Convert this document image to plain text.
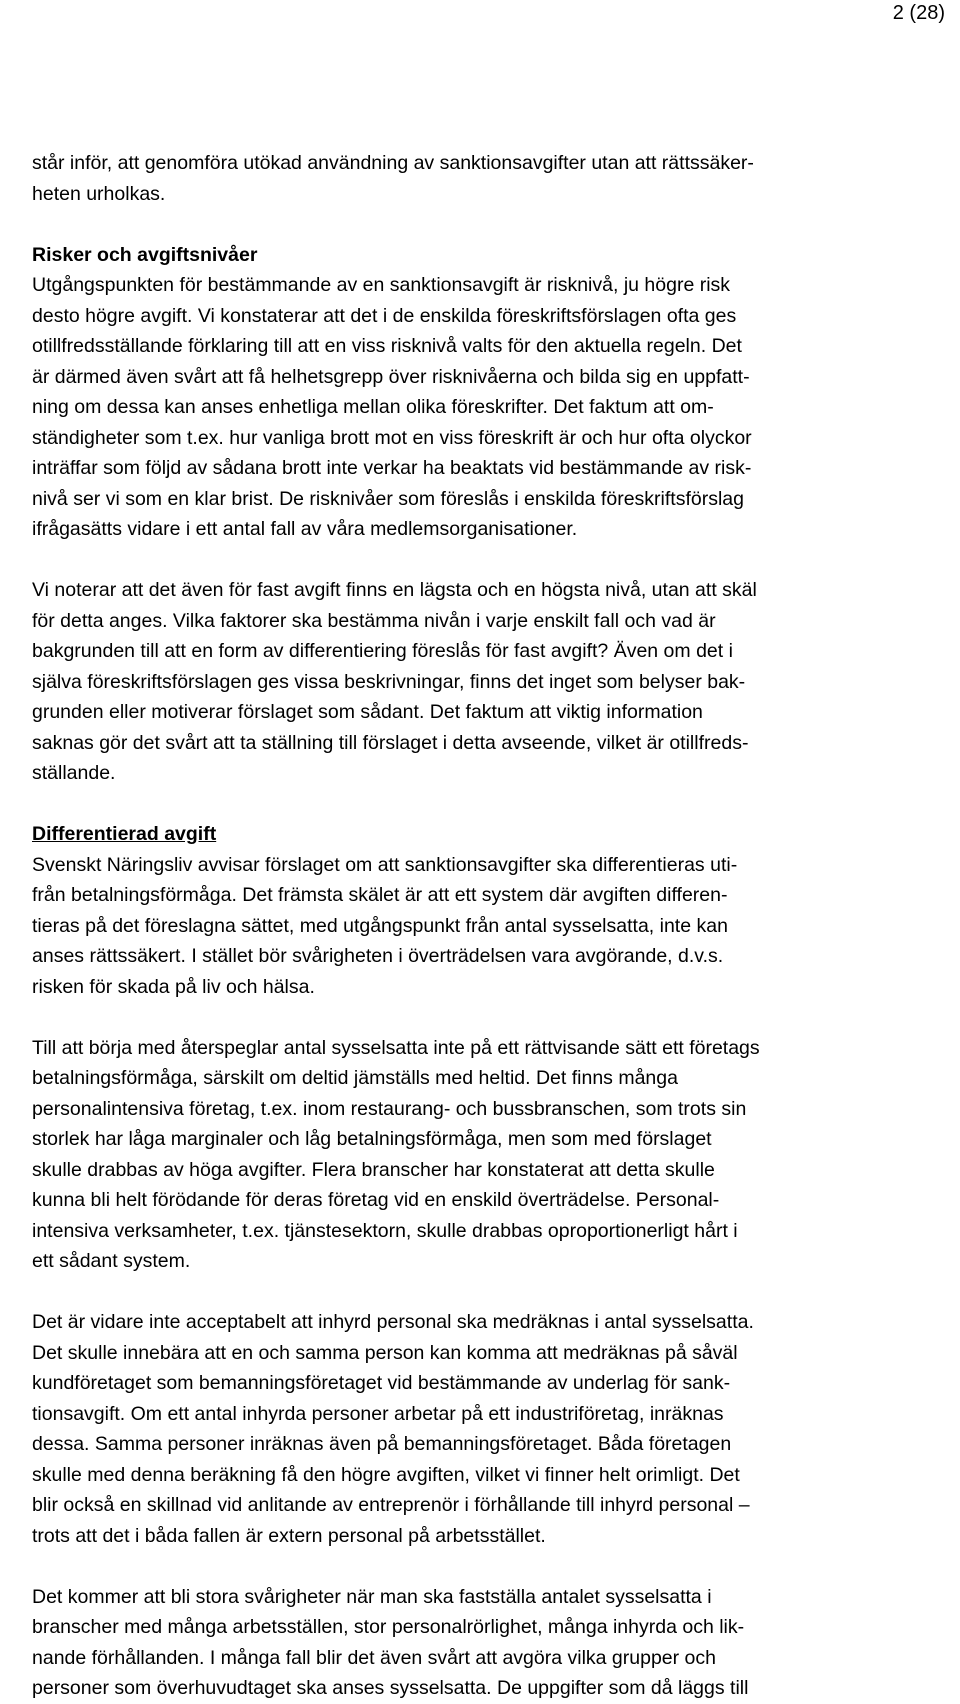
2 (28)
står inför, att genomföra utökad användning av sanktionsavgifter utan att rättssäker-
heten urholkas.
Risker och avgiftsnivåer
Utgångspunkten för bestämmande av en sanktionsavgift är risknivå, ju högre risk
desto högre avgift. Vi konstaterar att det i de enskilda föreskriftsförslagen ofta ges
otillfredsställande förklaring till att en viss risknivå valts för den aktuella regeln. Det
är därmed även svårt att få helhetsgrepp över risknivåerna och bilda sig en uppfatt-
ning om dessa kan anses enhetliga mellan olika föreskrifter. Det faktum att om-
ständigheter som t.ex. hur vanliga brott mot en viss föreskrift är och hur ofta olyckor
inträffar som följd av sådana brott inte verkar ha beaktats vid bestämmande av risk-
nivå ser vi som en klar brist. De risknivåer som föreslås i enskilda föreskriftsförslag
ifrågasätts vidare i ett antal fall av våra medlemsorganisationer.
Vi noterar att det även för fast avgift finns en lägsta och en högsta nivå, utan att skäl
för detta anges. Vilka faktorer ska bestämma nivån i varje enskilt fall och vad är
bakgrunden till att en form av differentiering föreslås för fast avgift? Även om det i
själva föreskriftsförslagen ges vissa beskrivningar, finns det inget som belyser bak-
grunden eller motiverar förslaget som sådant. Det faktum att viktig information
saknas gör det svårt att ta ställning till förslaget i detta avseende, vilket är otillfreds-
ställande.
Differentierad avgift
Svenskt Näringsliv avvisar förslaget om att sanktionsavgifter ska differentieras uti-
från betalningsförmåga. Det främsta skälet är att ett system där avgiften differen-
tieras på det föreslagna sättet, med utgångspunkt från antal sysselsatta, inte kan
anses rättssäkert. I stället bör svårigheten i överträdelsen vara avgörande, d.v.s.
risken för skada på liv och hälsa.
Till att börja med återspeglar antal sysselsatta inte på ett rättvisande sätt ett företags
betalningsförmåga, särskilt om deltid jämställs med heltid. Det finns många
personalintensiva företag, t.ex. inom restaurang- och bussbranschen, som trots sin
storlek har låga marginaler och låg betalningsförmåga, men som med förslaget
skulle drabbas av höga avgifter. Flera branscher har konstaterat att detta skulle
kunna bli helt förödande för deras företag vid en enskild överträdelse. Personal-
intensiva verksamheter, t.ex. tjänstesektorn, skulle drabbas oproportionerligt hårt i
ett sådant system.
Det är vidare inte acceptabelt att inhyrd personal ska medräknas i antal sysselsatta.
Det skulle innebära att en och samma person kan komma att medräknas på såväl
kundföretaget som bemanningsföretaget vid bestämmande av underlag för sank-
tionsavgift. Om ett antal inhyrda personer arbetar på ett industriföretag, inräknas
dessa. Samma personer inräknas även på bemanningsföretaget. Båda företagen
skulle med denna beräkning få den högre avgiften, vilket vi finner helt orimligt. Det
blir också en skillnad vid anlitande av entreprenör i förhållande till inhyrd personal –
trots att det i båda fallen är extern personal på arbetsstället.
Det kommer att bli stora svårigheter när man ska fastställa antalet sysselsatta i
branscher med många arbetsställen, stor personalrörlighet, många inhyrda och lik-
nande förhållanden. I många fall blir det även svårt att avgöra vilka grupper och
personer som överhuvudtaget ska anses sysselsatta. De uppgifter som då läggs till
